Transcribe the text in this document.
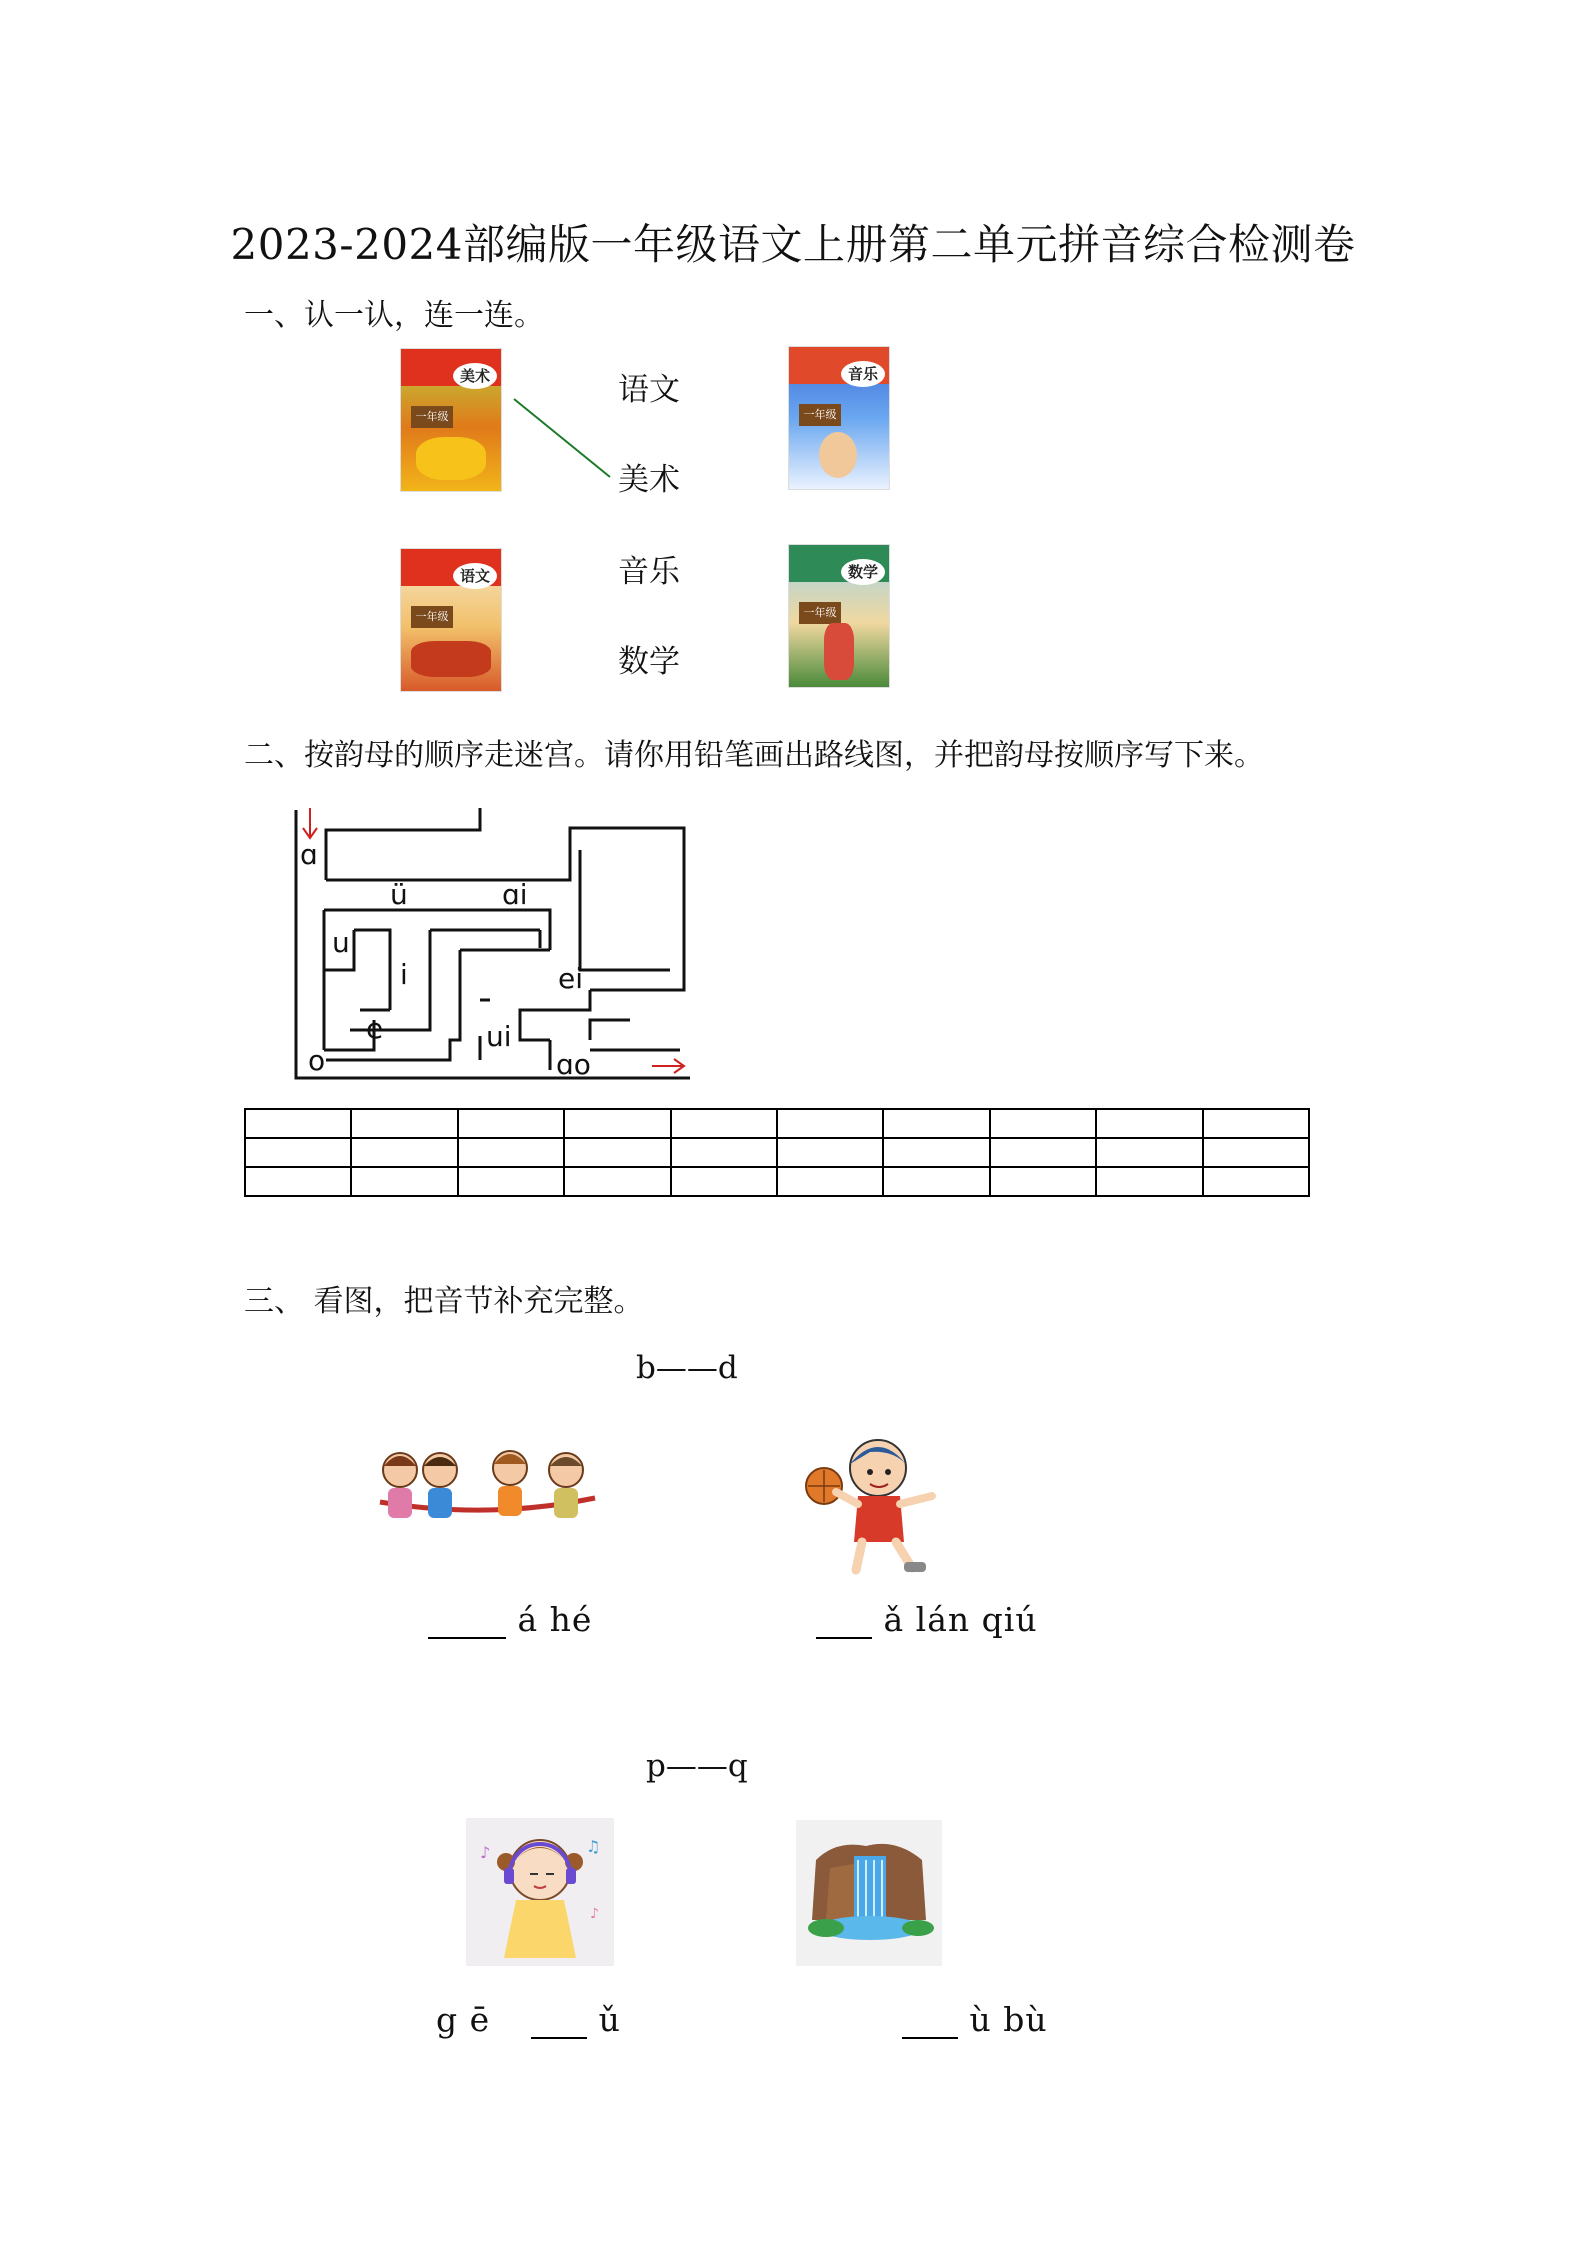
2023-2024部编版一年级语文上册第二单元拼音综合检测卷
一、认一认，连一连。
美术
一年级
音乐
一年级
语文
一年级
数学
一年级
语文
美术
音乐
数学
二、按韵母的顺序走迷宫。请你用铅笔画出路线图，并把韵母按顺序写下来。
ɑ
ü	ɑi
u
i	ei
e	ui
o	ɑo

三、 看图，把音节补充完整。
b——d
á hé	ǎ lán qiú
p——q
♪	♫
♪
g ē	ǔ	ù bù
